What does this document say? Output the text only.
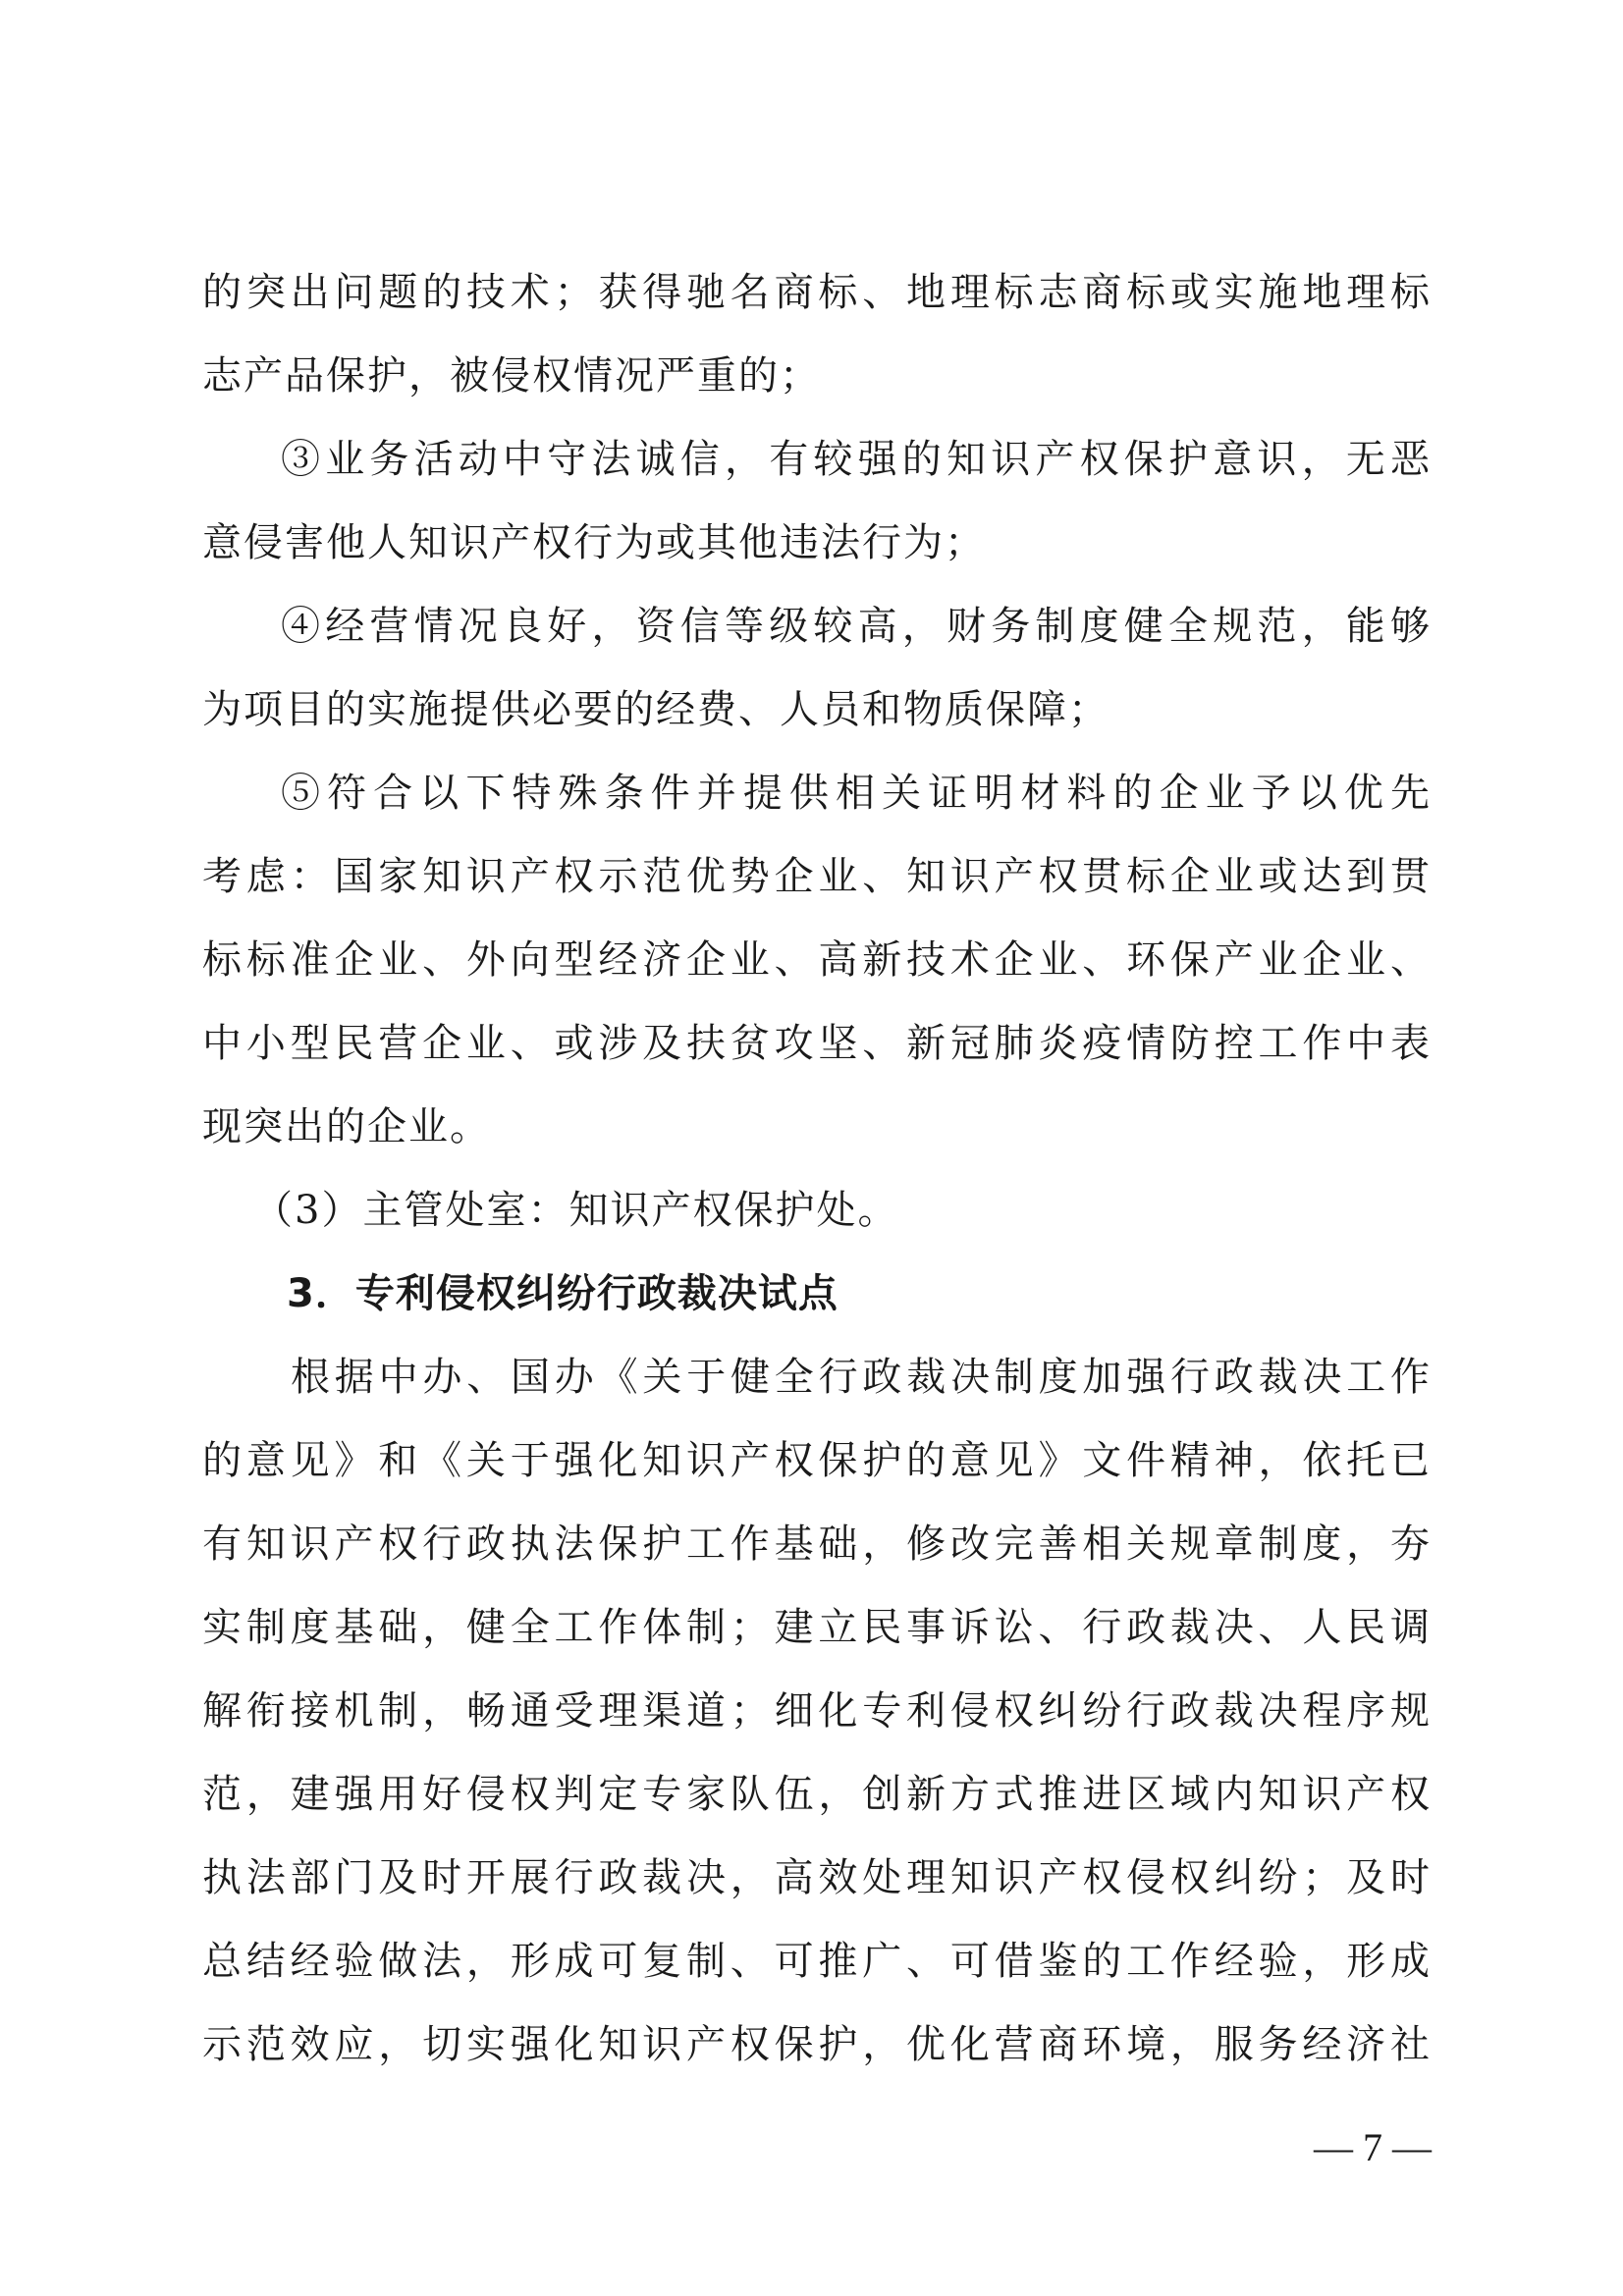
的突出问题的技术；获得驰名商标、地理标志商标或实施地理标
志产品保护，被侵权情况严重的；
③业务活动中守法诚信，有较强的知识产权保护意识，无恶
意侵害他人知识产权行为或其他违法行为；
④经营情况良好，资信等级较高，财务制度健全规范，能够
为项目的实施提供必要的经费、人员和物质保障；
⑤符合以下特殊条件并提供相关证明材料的企业予以优先
考虑：国家知识产权示范优势企业、知识产权贯标企业或达到贯
标标准企业、外向型经济企业、高新技术企业、环保产业企业、
中小型民营企业、或涉及扶贫攻坚、新冠肺炎疫情防控工作中表
现突出的企业。
（3）主管处室：知识产权保护处。
3．专利侵权纠纷行政裁决试点
根据中办、国办《关于健全行政裁决制度加强行政裁决工作
的意见》和《关于强化知识产权保护的意见》文件精神，依托已
有知识产权行政执法保护工作基础，修改完善相关规章制度，夯
实制度基础，健全工作体制；建立民事诉讼、行政裁决、人民调
解衔接机制，畅通受理渠道；细化专利侵权纠纷行政裁决程序规
范，建强用好侵权判定专家队伍，创新方式推进区域内知识产权
执法部门及时开展行政裁决，高效处理知识产权侵权纠纷；及时
总结经验做法，形成可复制、可推广、可借鉴的工作经验，形成
示范效应，切实强化知识产权保护，优化营商环境，服务经济社
— 7 —
